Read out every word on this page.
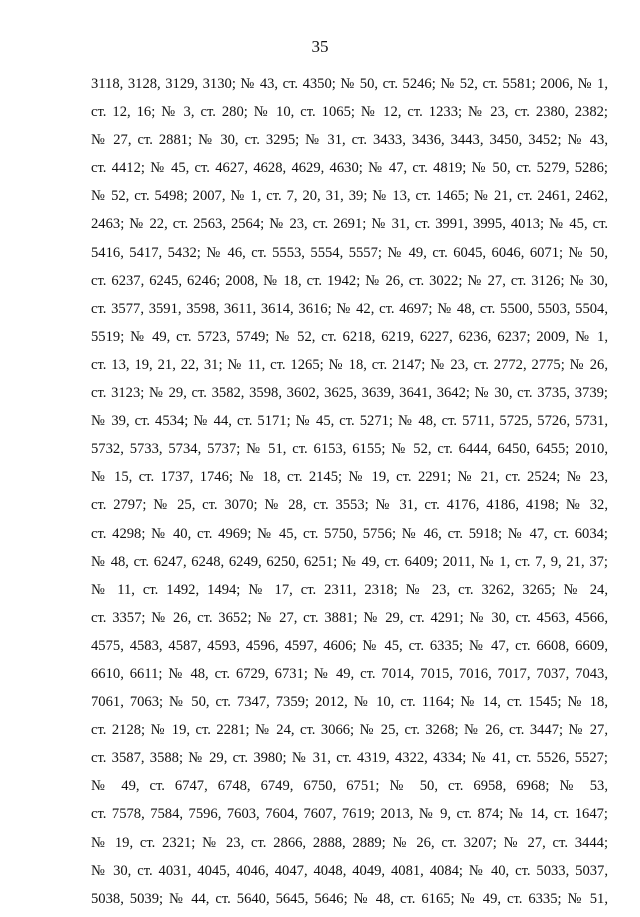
35
3118, 3128, 3129, 3130; № 43, ст. 4350; № 50, ст. 5246; № 52, ст. 5581; 2006, № 1,
ст. 12, 16; № 3, ст. 280; № 10, ст. 1065; № 12, ст. 1233; № 23, ст. 2380, 2382;
№ 27, ст. 2881; № 30, ст. 3295; № 31, ст. 3433, 3436, 3443, 3450, 3452; № 43,
ст. 4412; № 45, ст. 4627, 4628, 4629, 4630; № 47, ст. 4819; № 50, ст. 5279, 5286;
№ 52, ст. 5498; 2007, № 1, ст. 7, 20, 31, 39; № 13, ст. 1465; № 21, ст. 2461, 2462,
2463; № 22, ст. 2563, 2564; № 23, ст. 2691; № 31, ст. 3991, 3995, 4013; № 45, ст.
5416, 5417, 5432; № 46, ст. 5553, 5554, 5557; № 49, ст. 6045, 6046, 6071; № 50,
ст. 6237, 6245, 6246; 2008, № 18, ст. 1942; № 26, ст. 3022; № 27, ст. 3126; № 30,
ст. 3577, 3591, 3598, 3611, 3614, 3616; № 42, ст. 4697; № 48, ст. 5500, 5503, 5504,
5519; № 49, ст. 5723, 5749; № 52, ст. 6218, 6219, 6227, 6236, 6237; 2009, № 1,
ст. 13, 19, 21, 22, 31; № 11, ст. 1265; № 18, ст. 2147; № 23, ст. 2772, 2775; № 26,
ст. 3123; № 29, ст. 3582, 3598, 3602, 3625, 3639, 3641, 3642; № 30, ст. 3735, 3739;
№ 39, ст. 4534; № 44, ст. 5171; № 45, ст. 5271; № 48, ст. 5711, 5725, 5726, 5731,
5732, 5733, 5734, 5737; № 51, ст. 6153, 6155; № 52, ст. 6444, 6450, 6455; 2010,
№ 15, ст. 1737, 1746; № 18, ст. 2145; № 19, ст. 2291; № 21, ст. 2524; № 23,
ст. 2797; № 25, ст. 3070; № 28, ст. 3553; № 31, ст. 4176, 4186, 4198; № 32,
ст. 4298; № 40, ст. 4969; № 45, ст. 5750, 5756; № 46, ст. 5918; № 47, ст. 6034;
№ 48, ст. 6247, 6248, 6249, 6250, 6251; № 49, ст. 6409; 2011, № 1, ст. 7, 9, 21, 37;
№ 11, ст. 1492, 1494; № 17, ст. 2311, 2318; № 23, ст. 3262, 3265; № 24,
ст. 3357; № 26, ст. 3652; № 27, ст. 3881; № 29, ст. 4291; № 30, ст. 4563, 4566,
4575, 4583, 4587, 4593, 4596, 4597, 4606; № 45, ст. 6335; № 47, ст. 6608, 6609,
6610, 6611; № 48, ст. 6729, 6731; № 49, ст. 7014, 7015, 7016, 7017, 7037, 7043,
7061, 7063; № 50, ст. 7347, 7359; 2012, № 10, ст. 1164; № 14, ст. 1545; № 18,
ст. 2128; № 19, ст. 2281; № 24, ст. 3066; № 25, ст. 3268; № 26, ст. 3447; № 27,
ст. 3587, 3588; № 29, ст. 3980; № 31, ст. 4319, 4322, 4334; № 41, ст. 5526, 5527;
№ 49, ст. 6747, 6748, 6749, 6750, 6751; № 50, ст. 6958, 6968; № 53,
ст. 7578, 7584, 7596, 7603, 7604, 7607, 7619; 2013, № 9, ст. 874; № 14, ст. 1647;
№ 19, ст. 2321; № 23, ст. 2866, 2888, 2889; № 26, ст. 3207; № 27, ст. 3444;
№ 30, ст. 4031, 4045, 4046, 4047, 4048, 4049, 4081, 4084; № 40, ст. 5033, 5037,
5038, 5039; № 44, ст. 5640, 5645, 5646; № 48, ст. 6165; № 49, ст. 6335; № 51,
